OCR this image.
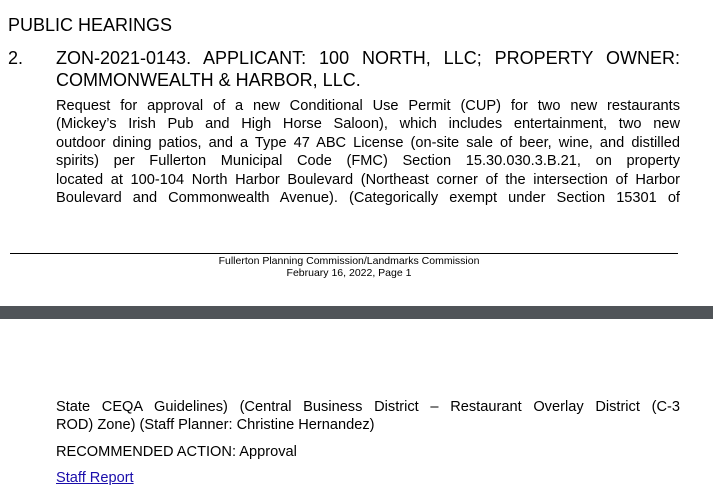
PUBLIC HEARINGS
2. ZON-2021-0143. APPLICANT: 100 NORTH, LLC; PROPERTY OWNER: COMMONWEALTH & HARBOR, LLC.
Request for approval of a new Conditional Use Permit (CUP) for two new restaurants
(Mickey’s Irish Pub and High Horse Saloon), which includes entertainment, two new
outdoor dining patios, and a Type 47 ABC License (on-site sale of beer, wine, and distilled
spirits) per Fullerton Municipal Code (FMC) Section 15.30.030.3.B.21, on property
located at 100-104 North Harbor Boulevard (Northeast corner of the intersection of Harbor
Boulevard and Commonwealth Avenue). (Categorically exempt under Section 15301 of
Fullerton Planning Commission/Landmarks Commission
February 16, 2022, Page 1
State CEQA Guidelines) (Central Business District – Restaurant Overlay District (C-3
ROD) Zone) (Staff Planner: Christine Hernandez)
RECOMMENDED ACTION: Approval
Staff Report
